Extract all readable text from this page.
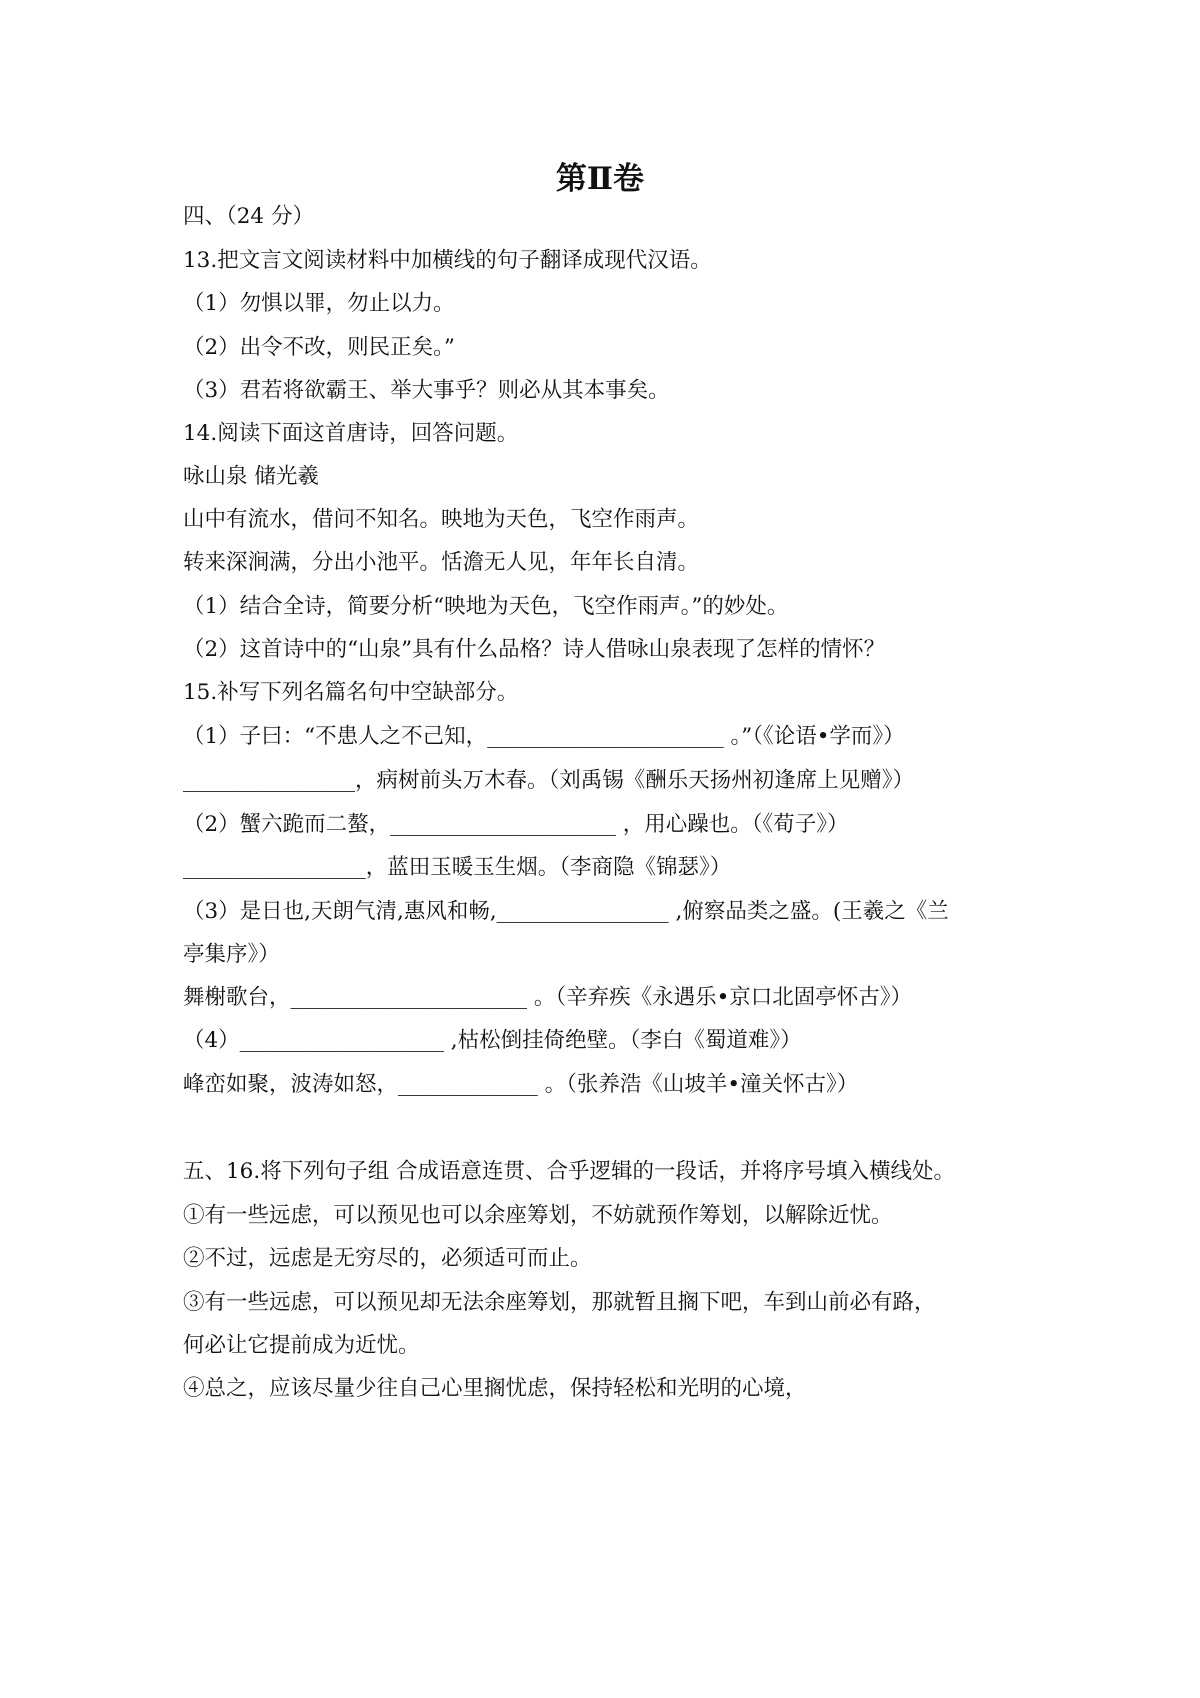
第Ⅱ卷
四、（24 分）
13.把文言文阅读材料中加横线的句子翻译成现代汉语。
（1）勿惧以罪，勿止以力。
（2）出令不改，则民正矣。”
（3）君若将欲霸王、举大事乎？则必从其本事矣。
14.阅读下面这首唐诗，回答问题。
咏山泉 储光羲
山中有流水，借问不知名。映地为天色，飞空作雨声。
转来深涧满，分出小池平。恬澹无人见，年年长自清。
（1）结合全诗，简要分析“映地为天色，飞空作雨声。”的妙处。
（2）这首诗中的“山泉”具有什么品格？诗人借咏山泉表现了怎样的情怀？
15.补写下列名篇名句中空缺部分。
（1）子曰：“不患人之不己知，______________________ 。”（《论语•学而》）
________________，病树前头万木春。（刘禹锡《酬乐天扬州初逢席上见赠》）
（2）蟹六跪而二螯，_____________________ ，用心躁也。（《荀子》）
_________________，蓝田玉暖玉生烟。（李商隐《锦瑟》）
（3）是日也,天朗气清,惠风和畅,________________ ,俯察品类之盛。(王羲之《兰
亭集序》）
舞榭歌台，______________________ 。（辛弃疾《永遇乐•京口北固亭怀古》）
（4）___________________ ,枯松倒挂倚绝壁。（李白《蜀道难》）
峰峦如聚，波涛如怒，_____________ 。（张养浩《山坡羊•潼关怀古》）
五、16.将下列句子组 合成语意连贯、合乎逻辑的一段话，并将序号填入横线处。
①有一些远虑，可以预见也可以余座筹划，不妨就预作筹划，以解除近忧。
②不过，远虑是无穷尽的，必须适可而止。
③有一些远虑，可以预见却无法余座筹划，那就暂且搁下吧，车到山前必有路，
何必让它提前成为近忧。
④总之，应该尽量少往自己心里搁忧虑，保持轻松和光明的心境，
